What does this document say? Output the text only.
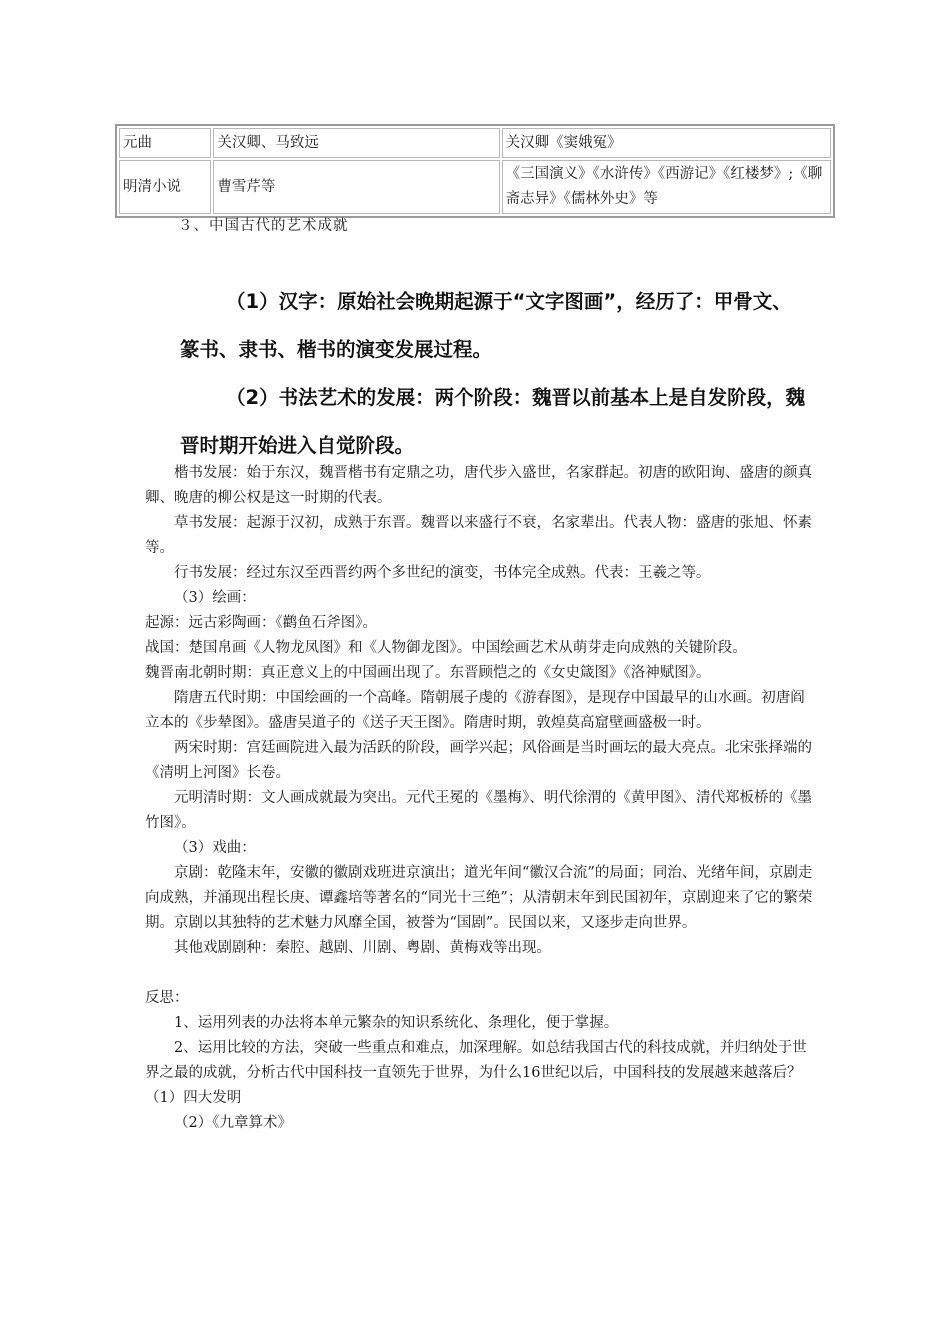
元曲	关汉卿、马致远	关汉卿《窦娥冤》
明清小说	曹雪芹等	《三国演义》《水浒传》《西游记》《红楼梦》;《聊斋志异》《儒林外史》等
３、中国古代的艺术成就

（1）汉字：原始社会晚期起源于“文字图画”，经历了：甲骨文、篆书、隶书、楷书的演变发展过程。

（2）书法艺术的发展：两个阶段：魏晋以前基本上是自发阶段，魏晋时期开始进入自觉阶段。

楷书发展：始于东汉，魏晋楷书有定鼎之功，唐代步入盛世，名家群起。初唐的欧阳询、盛唐的颜真卿、晚唐的柳公权是这一时期的代表。

草书发展：起源于汉初，成熟于东晋。魏晋以来盛行不衰，名家辈出。代表人物：盛唐的张旭、怀素等。

行书发展：经过东汉至西晋约两个多世纪的演变，书体完全成熟。代表：王羲之等。

（3）绘画：

起源：远古彩陶画：《鹳鱼石斧图》。

战国：楚国帛画《人物龙凤图》和《人物御龙图》。中国绘画艺术从萌芽走向成熟的关键阶段。

魏晋南北朝时期：真正意义上的中国画出现了。东晋顾恺之的《女史箴图》《洛神赋图》。

隋唐五代时期：中国绘画的一个高峰。隋朝展子虔的《游春图》，是现存中国最早的山水画。初唐阎立本的《步辇图》。盛唐吴道子的《送子天王图》。隋唐时期，敦煌莫高窟壁画盛极一时。

两宋时期：宫廷画院进入最为活跃的阶段，画学兴起；风俗画是当时画坛的最大亮点。北宋张择端的《清明上河图》长卷。

元明清时期：文人画成就最为突出。元代王冕的《墨梅》、明代徐渭的《黄甲图》、清代郑板桥的《墨竹图》。

（3）戏曲：

京剧：乾隆末年，安徽的徽剧戏班进京演出；道光年间“徽汉合流”的局面；同治、光绪年间，京剧走向成熟，并涌现出程长庚、谭鑫培等著名的“同光十三绝”；从清朝末年到民国初年，京剧迎来了它的繁荣期。京剧以其独特的艺术魅力风靡全国，被誉为“国剧”。民国以来，又逐步走向世界。

其他戏剧剧种：秦腔、越剧、川剧、粤剧、黄梅戏等出现。

反思：

1、运用列表的办法将本单元繁杂的知识系统化、条理化，便于掌握。

2、运用比较的方法，突破一些重点和难点，加深理解。如总结我国古代的科技成就，并归纳处于世界之最的成就，分析古代中国科技一直领先于世界，为什么16世纪以后，中国科技的发展越来越落后？（1）四大发明

（2）《九章算术》
